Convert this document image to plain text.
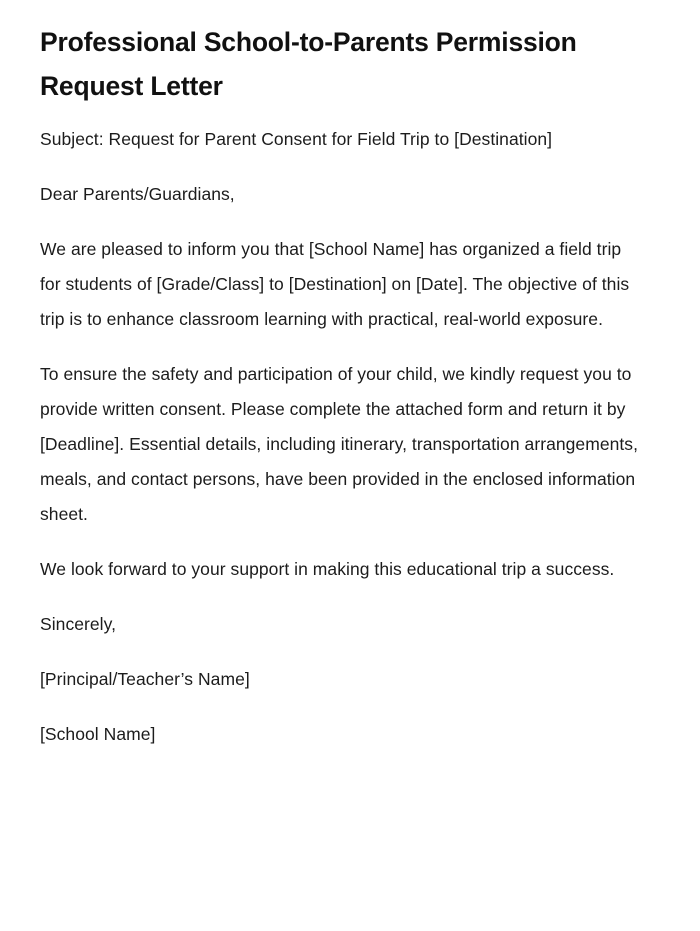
Professional School-to-Parents Permission Request Letter

Subject: Request for Parent Consent for Field Trip to [Destination]

Dear Parents/Guardians,

We are pleased to inform you that [School Name] has organized a field trip for students of [Grade/Class] to [Destination] on [Date]. The objective of this trip is to enhance classroom learning with practical, real-world exposure.

To ensure the safety and participation of your child, we kindly request you to provide written consent. Please complete the attached form and return it by [Deadline]. Essential details, including itinerary, transportation arrangements, meals, and contact persons, have been provided in the enclosed information sheet.

We look forward to your support in making this educational trip a success.

Sincerely,

[Principal/Teacher’s Name]

[School Name]
